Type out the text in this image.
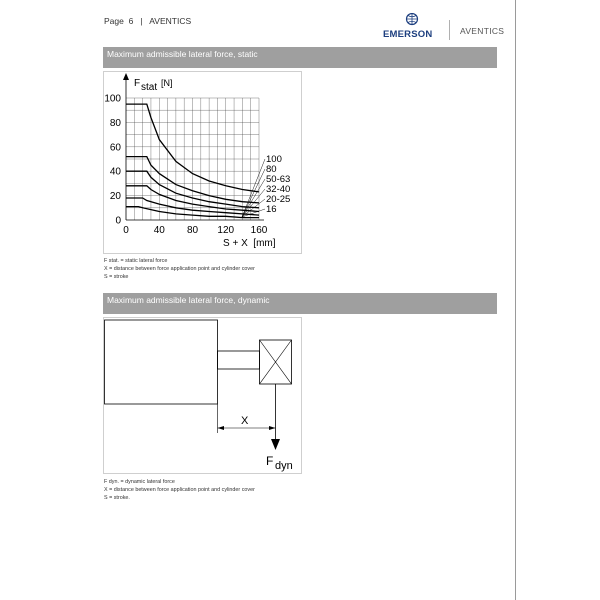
Page 6 | AVENTICS
EMERSON	AVENTICS
Maximum admissible lateral force, static
F stat [N]
0
20
40
60
80
100
0 40 80 120 160
S + X  [mm]
100
80
50-63
32-40
20-25
16
F stat. = static lateral force
X = distance between force application point and cylinder cover
S = stroke
Maximum admissible lateral force, dynamic
X
F dyn
F dyn. = dynamic lateral force
X = distance between force application point and cylinder cover
S = stroke.
